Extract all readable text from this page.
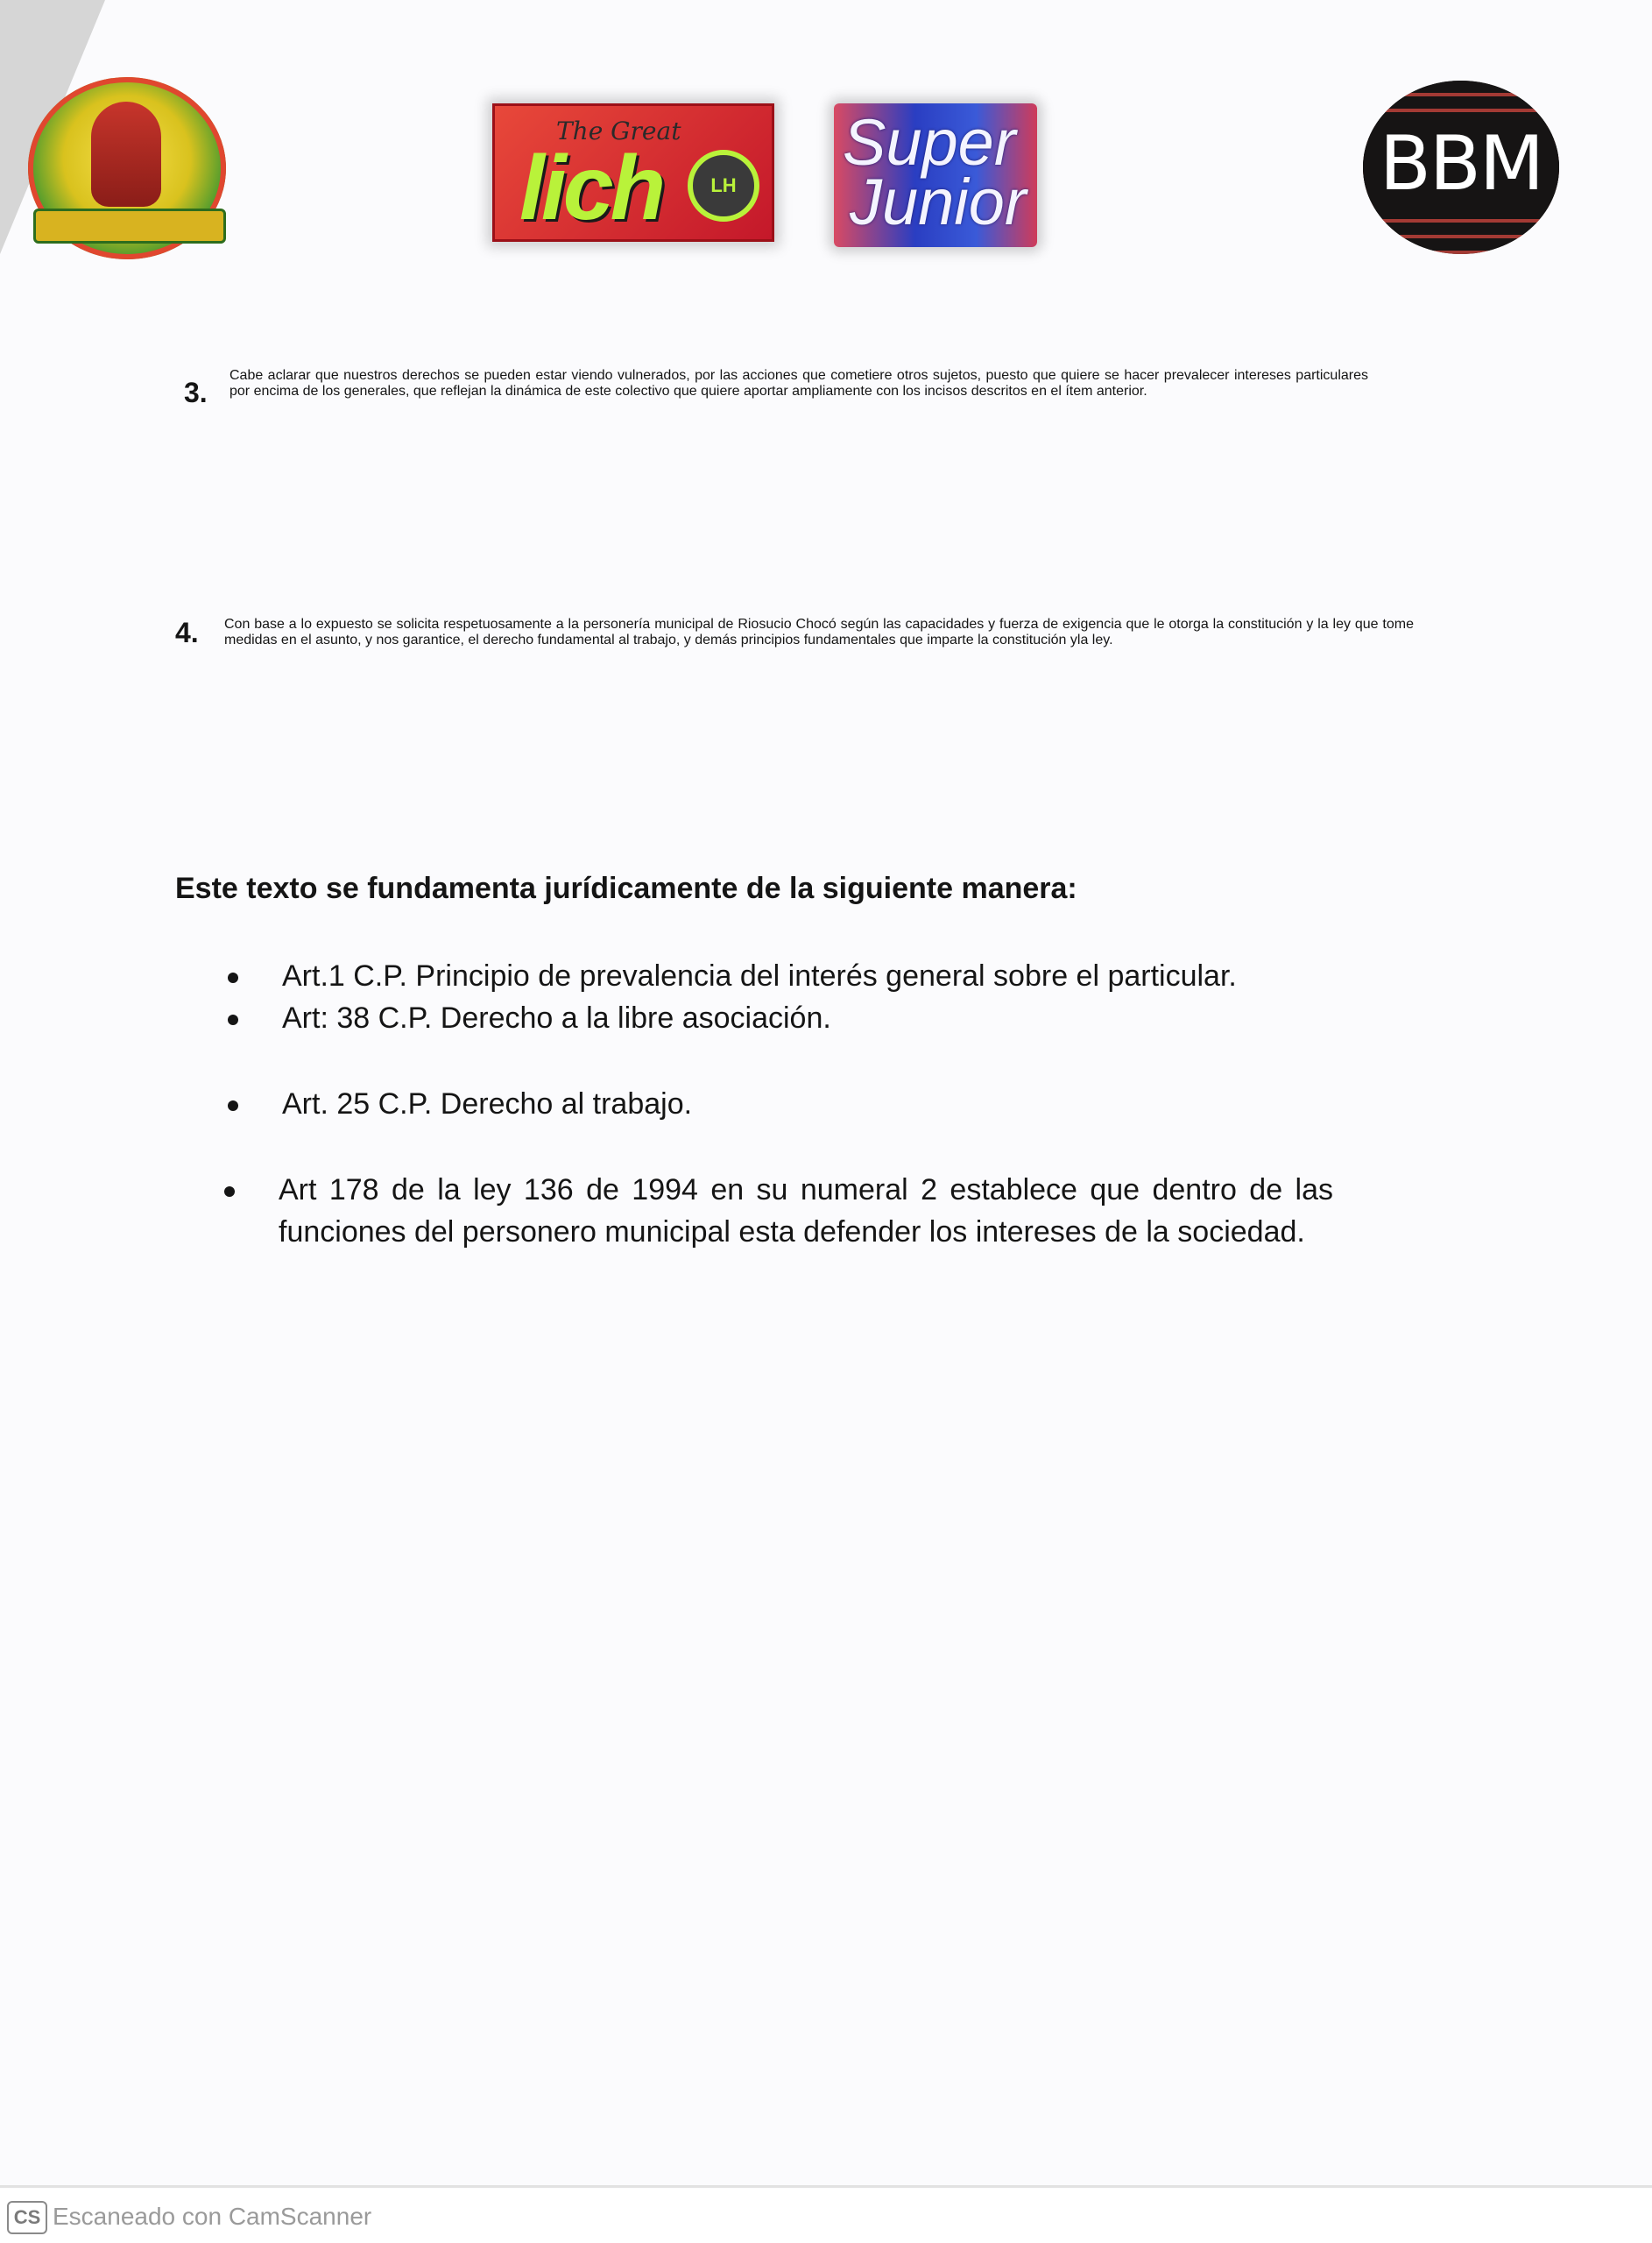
The Great
lich	LH
Super
Junior	BBM
3.

Cabe aclarar que nuestros derechos se pueden estar viendo vulnerados, por las acciones que cometiere otros sujetos, puesto que quiere se hacer prevalecer intereses particulares por encima de los generales, que reflejan la dinámica de este colectivo que quiere aportar ampliamente con los incisos descritos en el ítem anterior.

4. Con base a lo expuesto se solicita respetuosamente a la personería municipal de Riosucio Chocó según las capacidades y fuerza de exigencia que le otorga la constitución y la ley que tome medidas en el asunto, y nos garantice, el derecho fundamental al trabajo, y demás principios fundamentales que imparte la constitución yla ley.

Este texto se fundamenta jurídicamente de la siguiente manera:

Art.1 C.P. Principio de prevalencia del interés general sobre el particular.

Art: 38 C.P. Derecho a la libre asociación.

Art. 25 C.P. Derecho al trabajo.

Art 178 de la ley 136 de 1994 en su numeral 2 establece que dentro de las funciones del personero municipal esta defender los intereses de la sociedad.

CS Escaneado con CamScanner
